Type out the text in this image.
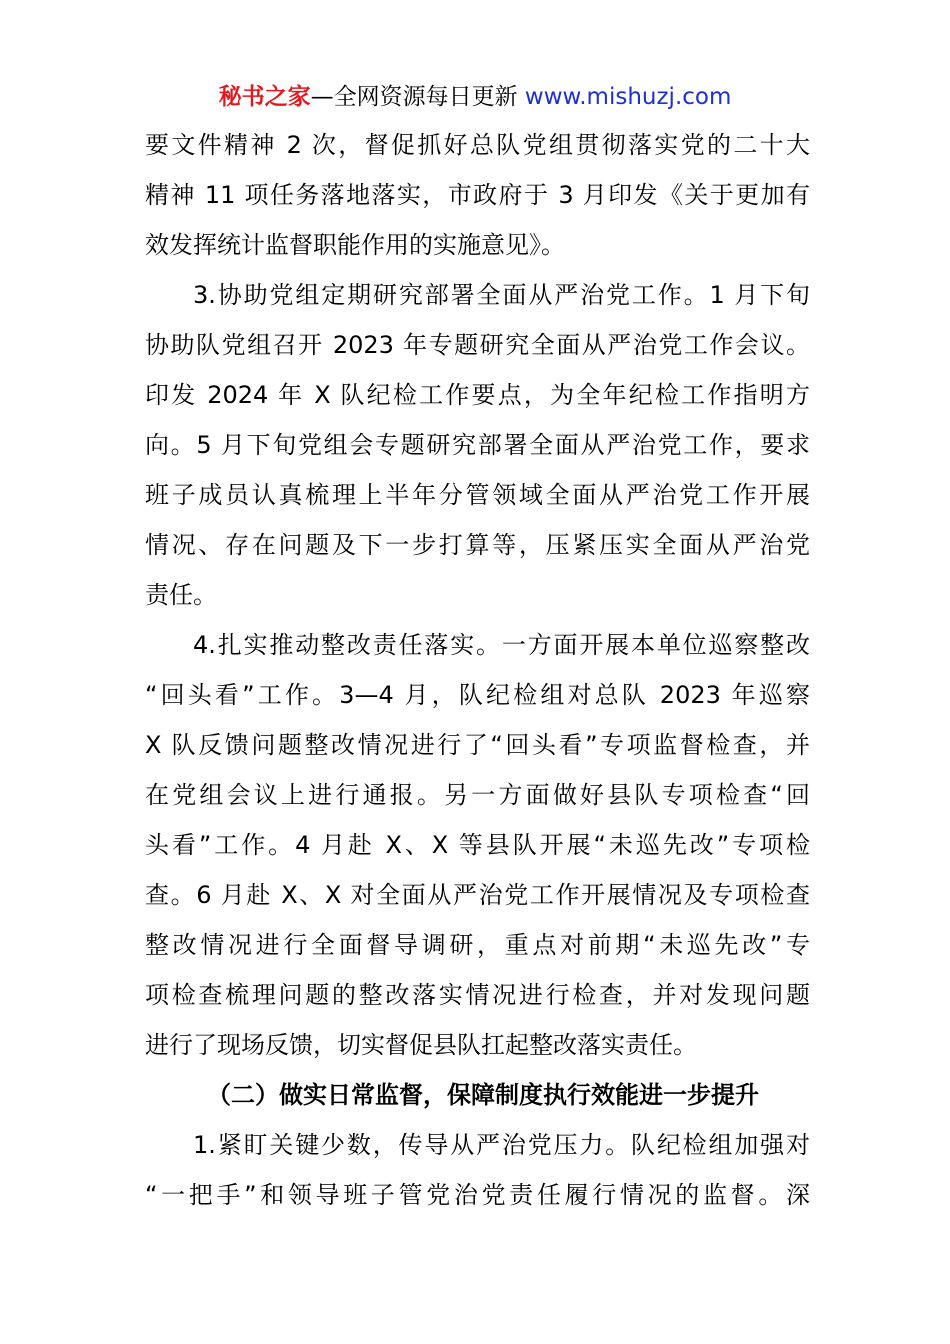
秘书之家—全网资源每日更新 www.mishuzj.com
要文件精神 2 次，督促抓好总队党组贯彻落实党的二十大
精神 11 项任务落地落实，市政府于 3 月印发《关于更加有
效发挥统计监督职能作用的实施意见》。
3.协助党组定期研究部署全面从严治党工作。1 月下旬
协助队党组召开 2023 年专题研究全面从严治党工作会议。
印发 2024 年 X 队纪检工作要点，为全年纪检工作指明方
向。5 月下旬党组会专题研究部署全面从严治党工作，要求
班子成员认真梳理上半年分管领域全面从严治党工作开展
情况、存在问题及下一步打算等，压紧压实全面从严治党
责任。
4.扎实推动整改责任落实。一方面开展本单位巡察整改
“回头看”工作。3—4 月，队纪检组对总队 2023 年巡察
X 队反馈问题整改情况进行了“回头看”专项监督检查，并
在党组会议上进行通报。另一方面做好县队专项检查“回
头看”工作。4 月赴 X、X 等县队开展“未巡先改”专项检
查。6 月赴 X、X 对全面从严治党工作开展情况及专项检查
整改情况进行全面督导调研，重点对前期“未巡先改”专
项检查梳理问题的整改落实情况进行检查，并对发现问题
进行了现场反馈，切实督促县队扛起整改落实责任。
（二）做实日常监督，保障制度执行效能进一步提升
1.紧盯关键少数，传导从严治党压力。队纪检组加强对
“一把手”和领导班子管党治党责任履行情况的监督。深
